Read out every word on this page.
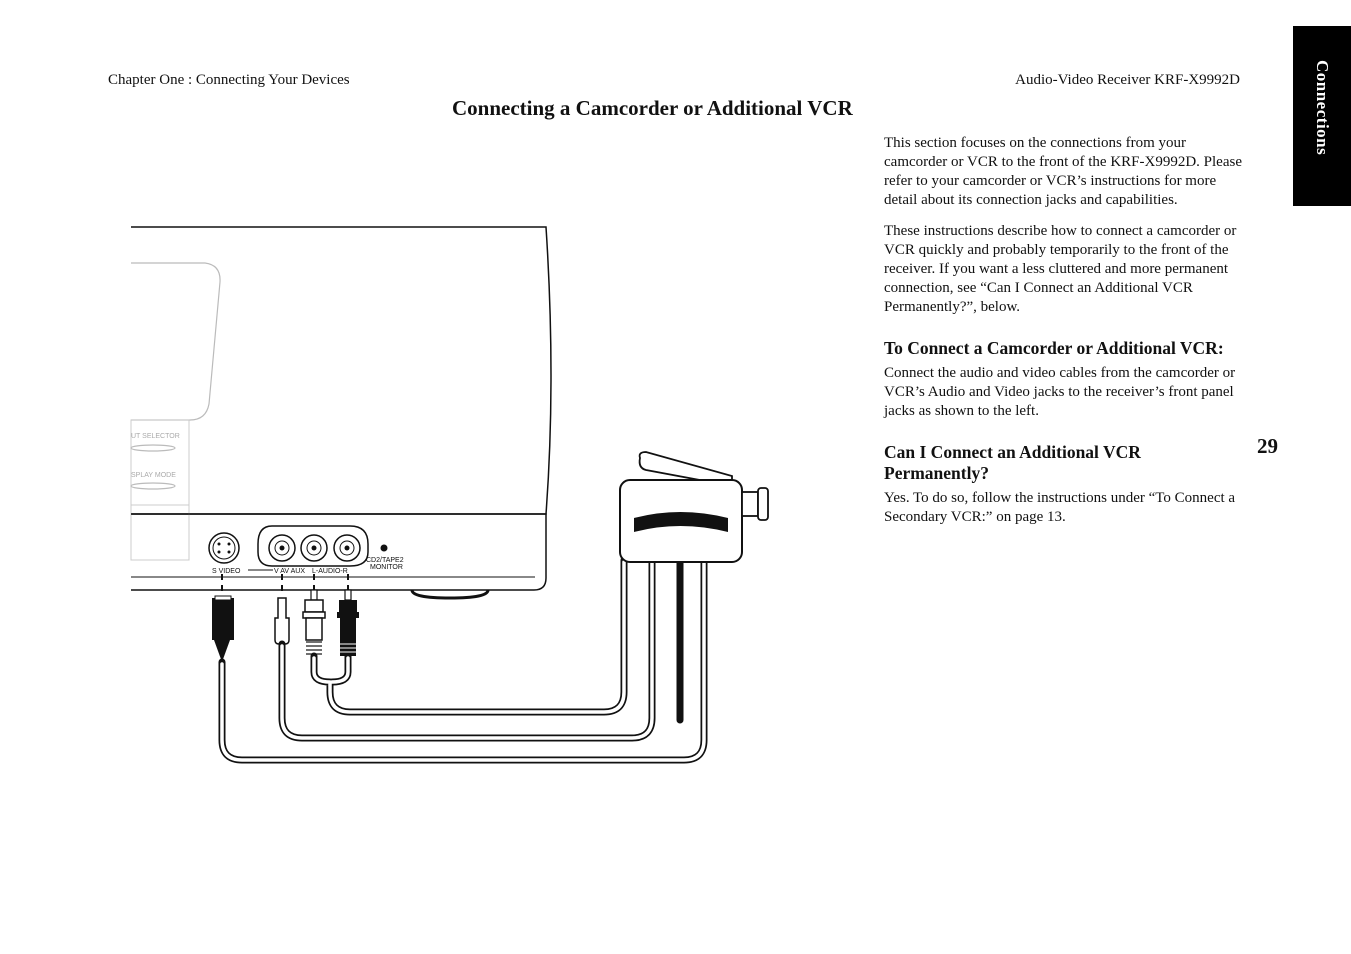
Chapter One : Connecting Your Devices	Audio-Video Receiver KRF-X9992D
Connecting a Camcorder or Additional VCR	Connections
29
UT SELECTOR
SPLAY MODE
S VIDEO	V AV AUX L-AUDIO-R
CD2/TAPE2
MONITOR

This section focuses on the connections from your camcorder or VCR to the front of the KRF-X9992D. Please refer to your camcorder or VCR’s instructions for more detail about its connection jacks and capabilities.

These instructions describe how to connect a camcorder or VCR quickly and probably temporarily to the front of the receiver. If you want a less cluttered and more permanent connection, see “Can I Connect an Additional VCR Permanently?”, below.

To Connect a Camcorder or Additional VCR:

Connect the audio and video cables from the camcorder or VCR’s Audio and Video jacks to the receiver’s front panel jacks as shown to the left.

Can I Connect an Additional VCR Permanently?

Yes. To do so, follow the instructions under “To Connect a Secondary VCR:” on page 13.
